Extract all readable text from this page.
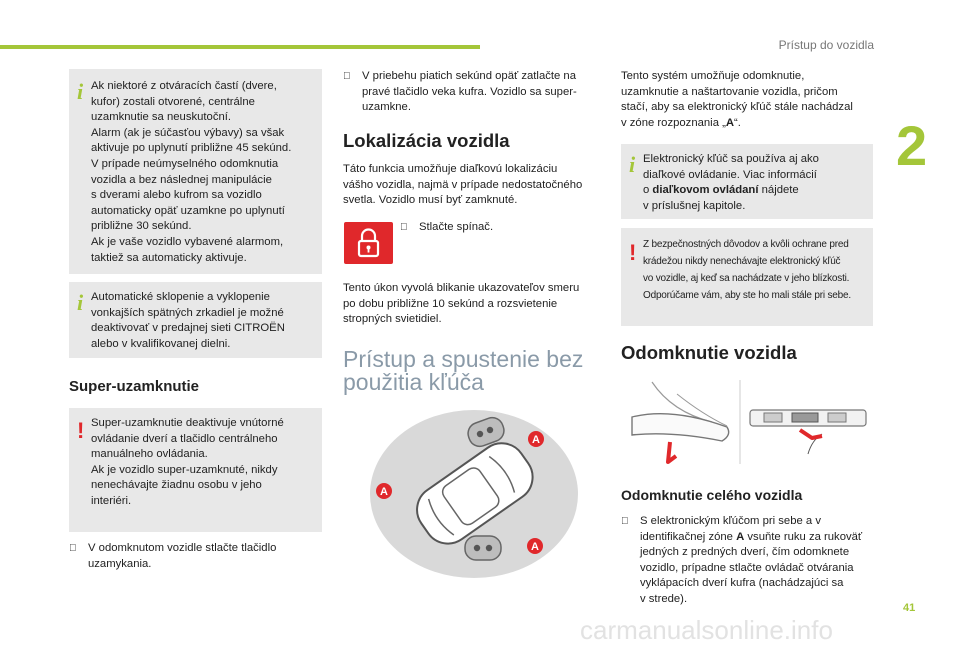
Prístup do vozidla
2
41
i Ak niektoré z otváracích častí (dvere,
kufor) zostali otvorené, centrálne
uzamknutie sa neuskutoční.
Alarm (ak je súčasťou výbavy) sa však
aktivuje po uplynutí približne 45 sekúnd.
V prípade neúmyselného odomknutia
vozidla a bez následnej manipulácie
s dverami alebo kufrom sa vozidlo
automaticky opäť uzamkne po uplynutí
približne 30 sekúnd.
Ak je vaše vozidlo vybavené alarmom,
taktiež sa automaticky aktivuje.
i Automatické sklopenie a vyklopenie
vonkajších spätných zrkadiel je možné
deaktivovať v predajnej sieti CITROËN
alebo v kvalifikovanej dielni.
Super-uzamknutie
! Super-uzamknutie deaktivuje vnútorné
ovládanie dverí a tlačidlo centrálneho
manuálneho ovládania.
Ak je vozidlo super-uzamknuté, nikdy
nenechávajte žiadnu osobu v jeho
interiéri.
V odomknutom vozidle stlačte tlačidlo
uzamykania.
V priebehu piatich sekúnd opäť zatlačte na
pravé tlačidlo veka kufra. Vozidlo sa super-
uzamkne.
Lokalizácia vozidla
Táto funkcia umožňuje diaľkovú lokalizáciu
vášho vozidla, najmä v prípade nedostatočného
svetla. Vozidlo musí byť zamknuté.
Stlačte spínač.
Tento úkon vyvolá blikanie ukazovateľov smeru
po dobu približne 10 sekúnd a rozsvietenie
stropných svietidiel.
Prístup a spustenie bez
použitia kľúča
A
A
A
Tento systém umožňuje odomknutie,
uzamknutie a naštartovanie vozidla, pričom
stačí, aby sa elektronický kľúč stále nachádzal
v zóne rozpoznania „A“.
i Elektronický kľúč sa používa aj ako
diaľkové ovládanie. Viac informácií
o diaľkovom ovládaní nájdete
v príslušnej kapitole.
! Z bezpečnostných dôvodov a kvôli ochrane pred
krádežou nikdy nenechávajte elektronický kľúč
vo vozidle, aj keď sa nachádzate v jeho blízkosti.
Odporúčame vám, aby ste ho mali stále pri sebe.
Odomknutie vozidla
Odomknutie celého vozidla
S elektronickým kľúčom pri sebe a v
identifikačnej zóne A vsuňte ruku za rukoväť
jedných z predných dverí, čím odomknete
vozidlo, prípadne stlačte ovládač otvárania
vyklápacích dverí kufra (nachádzajúci sa
v strede).
carmanualsonline.info
